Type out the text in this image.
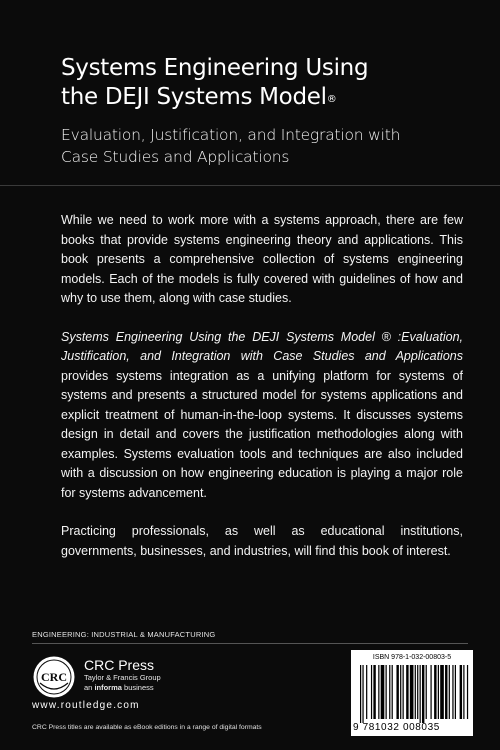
Systems Engineering Using
the DEJI Systems Model®
Evaluation, Justification, and Integration with
Case Studies and Applications

While we need to work more with a systems approach, there are few books that provide systems engineering theory and applications. This book presents a comprehensive collection of systems engineering models. Each of the models is fully covered with guidelines of how and why to use them, along with case studies.

Systems Engineering Using the DEJI Systems Model ® :Evaluation, Justification, and Integration with Case Studies and Applications provides systems integration as a unifying platform for systems of systems and presents a structured model for systems applications and explicit treatment of human-in-the-loop systems. It discusses systems design in detail and covers the justification methodologies along with examples. Systems evaluation tools and techniques are also included with a discussion on how engineering education is playing a major role for systems advancement.

Practicing professionals, as well as educational institutions, governments, businesses, and industries, will find this book of interest.

ENGINEERING: INDUSTRIAL & MANUFACTURING
CRC
CRC Press
Taylor & Francis Group
an informa business
www.routledge.com
CRC Press titles are available as eBook editions in a range of digital formats
ISBN 978-1-032-00803-5
9 781032 008035
